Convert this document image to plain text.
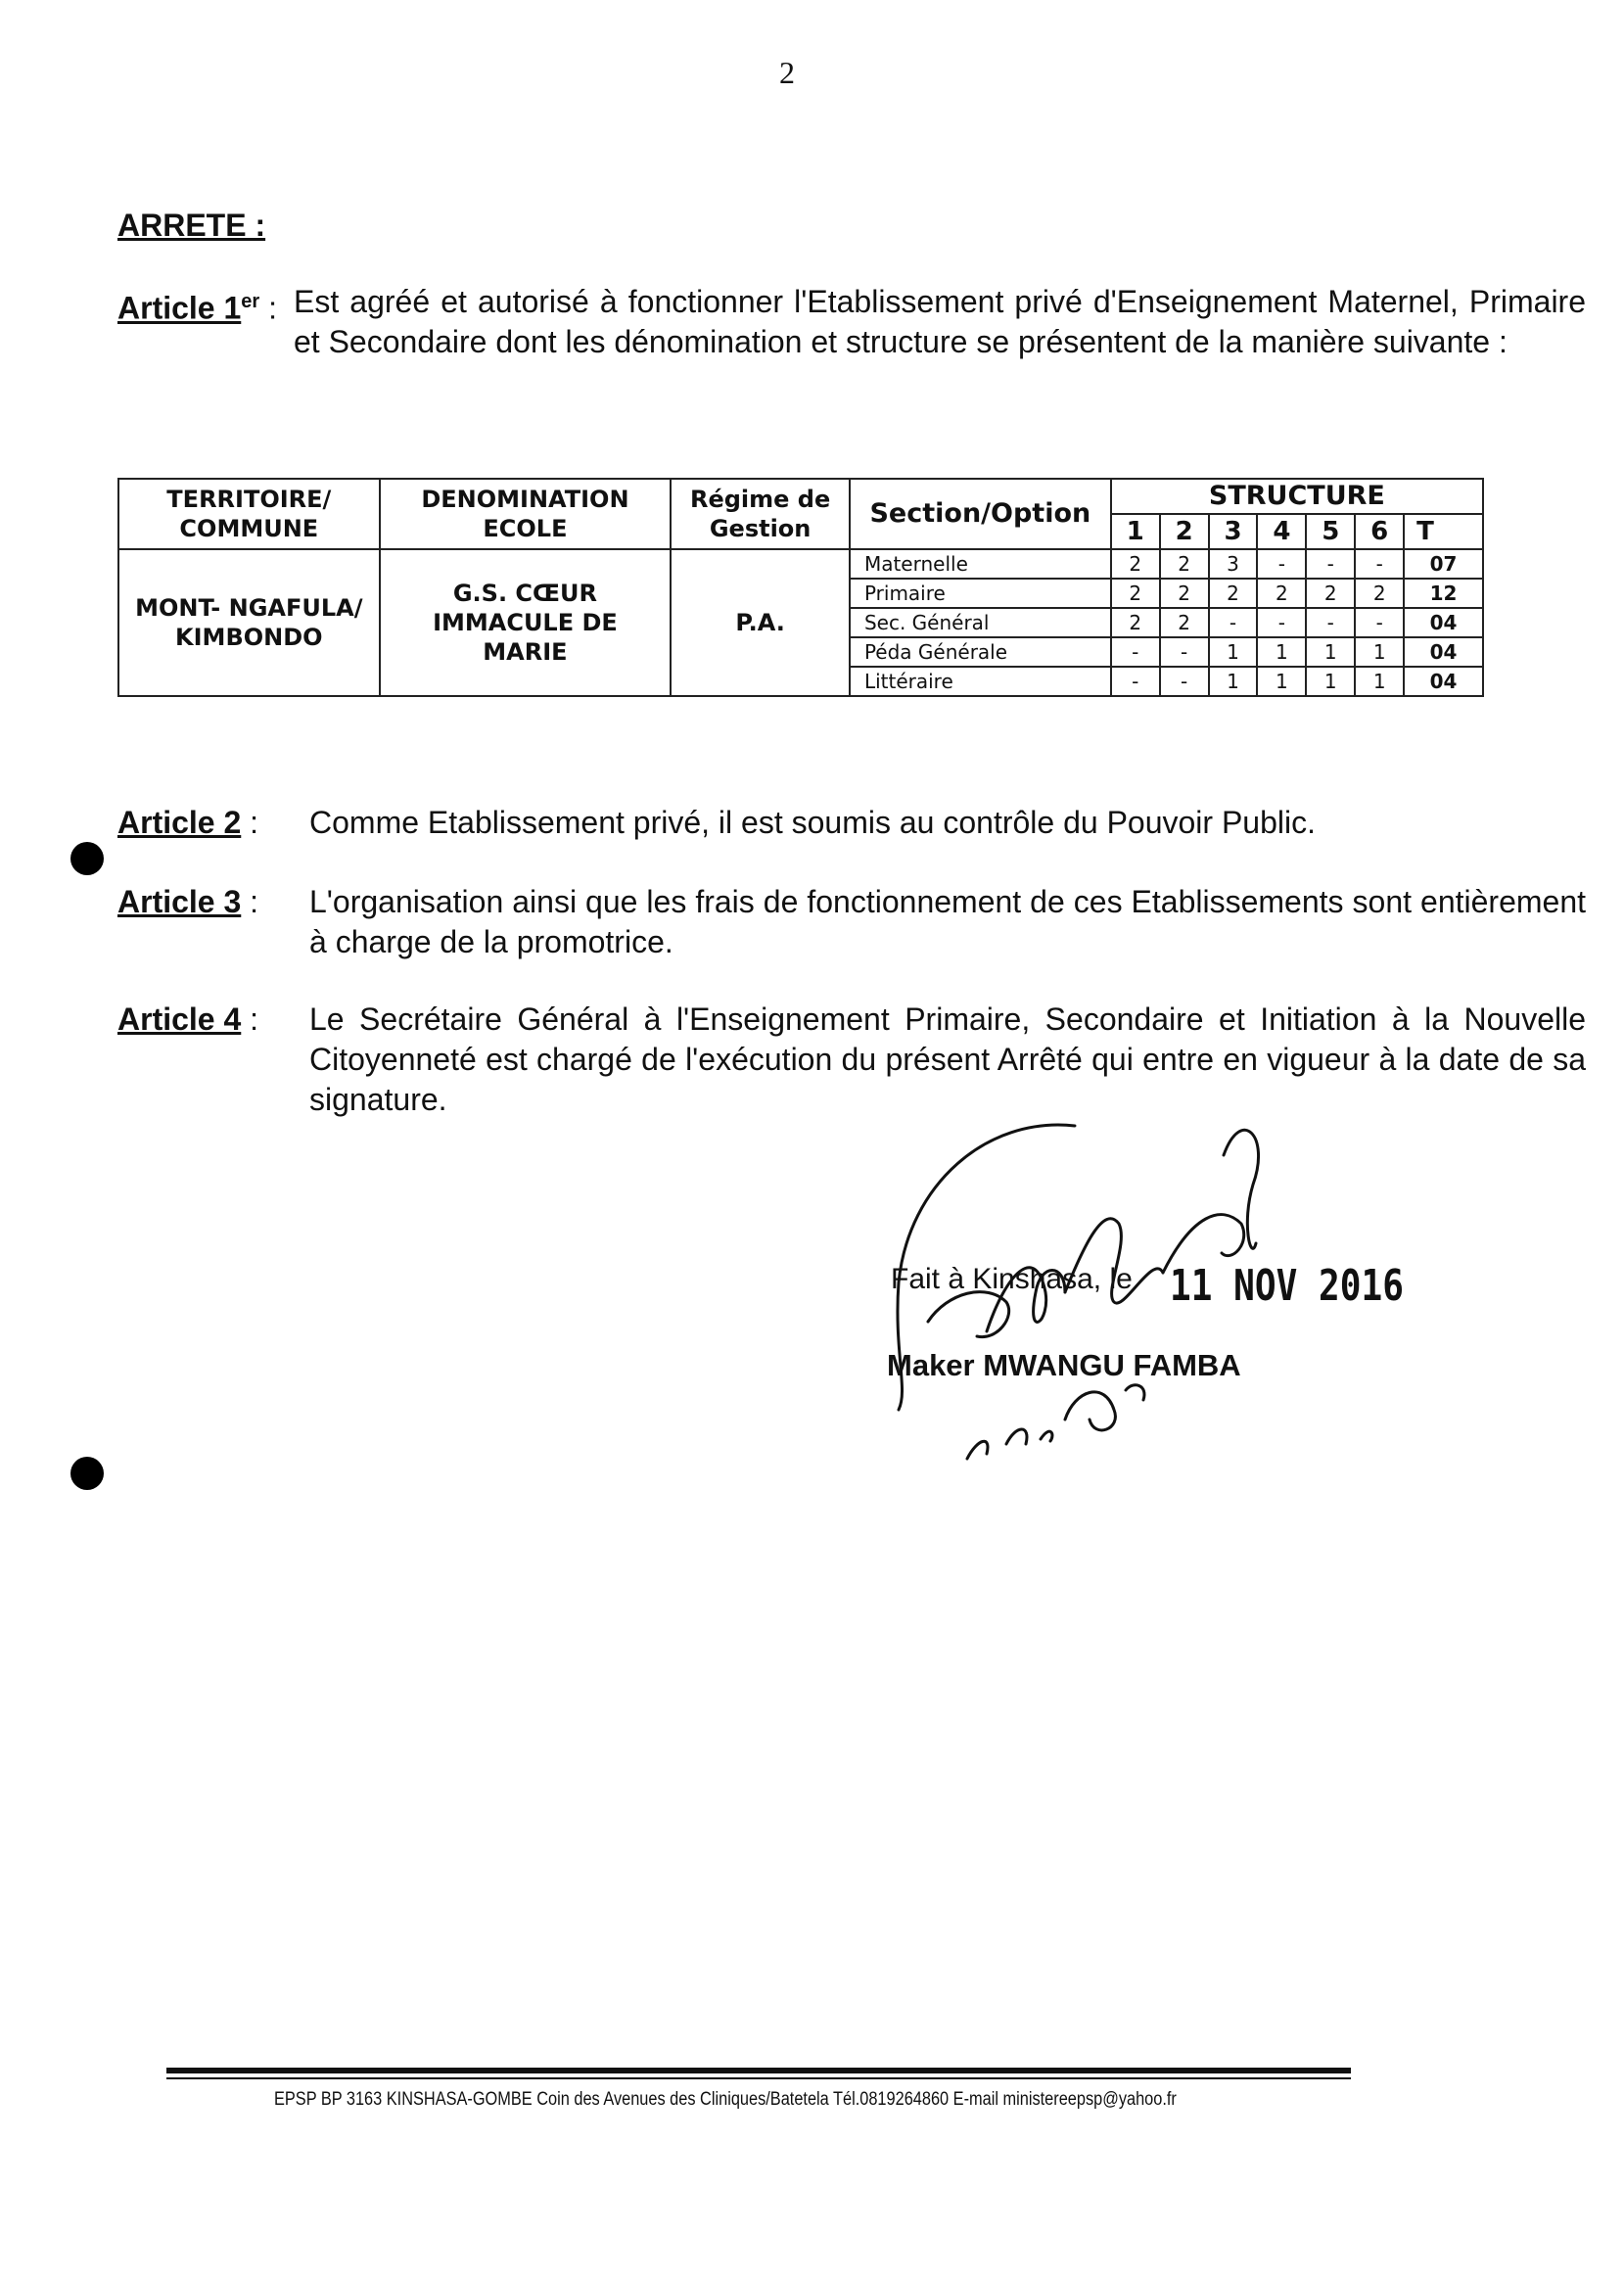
2
ARRETE :
Article 1er : Est agréé et autorisé à fonctionner l'Etablissement privé d'Enseignement Maternel, Primaire et Secondaire dont les dénomination et structure se présentent de la manière suivante :
TERRITOIRE/ COMMUNE	DENOMINATION ECOLE	Régime de Gestion	Section/Option	STRUCTURE						
				1	2	3	4	5	6	T
MONT- NGAFULA/ KIMBONDO	G.S. CŒUR IMMACULE DE MARIE	P.A.	Maternelle	2	2	3	-	-	-	07
			Primaire	2	2	2	2	2	2	12
			Sec. Général	2	2	-	-	-	-	04
			Péda Générale	-	-	1	1	1	1	04
			Littéraire	-	-	1	1	1	1	04
Article 2 : Comme Etablissement privé, il est soumis au contrôle du Pouvoir Public.
Article 3 : L'organisation ainsi que les frais de fonctionnement de ces Etablissements sont entièrement à charge de la promotrice.
Article 4 : Le Secrétaire Général à l'Enseignement Primaire, Secondaire et Initiation à la Nouvelle Citoyenneté est chargé de l'exécution du présent Arrêté qui entre en vigueur à la date de sa signature.
Fait à Kinshasa, le 11 NOV 2016
Maker MWANGU FAMBA
EPSP BP 3163 KINSHASA-GOMBE Coin des Avenues des Cliniques/Batetela Tél.0819264860 E-mail ministereepsp@yahoo.fr
